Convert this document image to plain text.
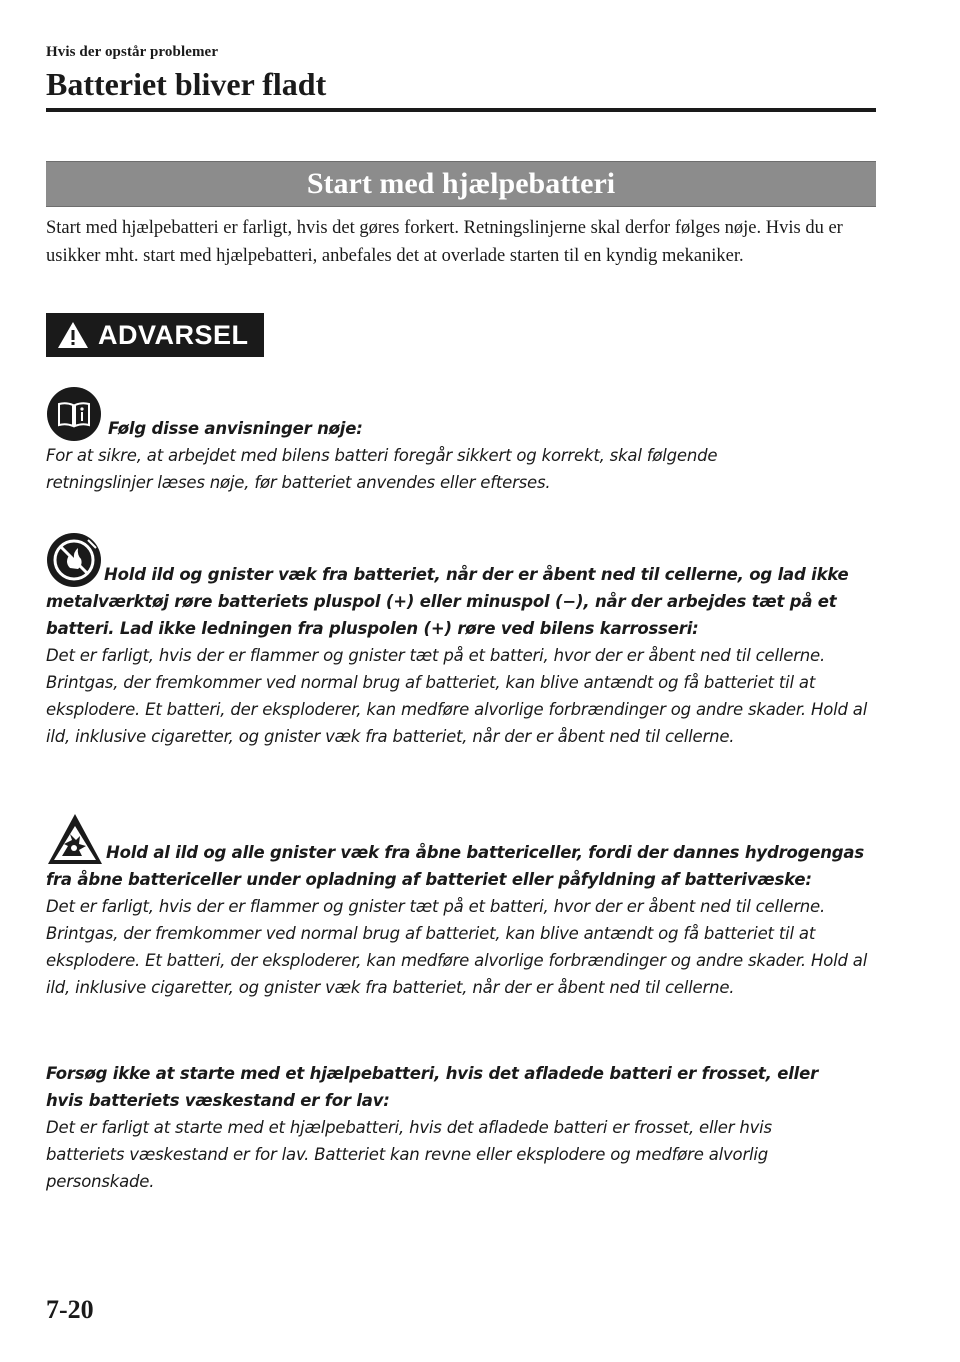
Hvis der opstår problemer
Batteriet bliver fladt
Start med hjælpebatteri

Start med hjælpebatteri er farligt, hvis det gøres forkert. Retningslinjerne skal derfor følges nøje. Hvis du er usikker mht. start med hjælpebatteri, anbefales det at overlade starten til en kyndig mekaniker.

ADVARSEL

Følg disse anvisninger nøje:

For at sikre, at arbejdet med bilens batteri foregår sikkert og korrekt, skal følgende retningslinjer læses nøje, før batteriet anvendes eller efterses.

Hold ild og gnister væk fra batteriet, når der er åbent ned til cellerne, og lad ikke metalværktøj røre batteriets pluspol (+) eller minuspol (−), når der arbejdes tæt på et batteri. Lad ikke ledningen fra pluspolen (+) røre ved bilens karrosseri:

Det er farligt, hvis der er flammer og gnister tæt på et batteri, hvor der er åbent ned til cellerne. Brintgas, der fremkommer ved normal brug af batteriet, kan blive antændt og få batteriet til at eksplodere. Et batteri, der eksploderer, kan medføre alvorlige forbrændinger og andre skader. Hold al ild, inklusive cigaretter, og gnister væk fra batteriet, når der er åbent ned til cellerne.

Hold al ild og alle gnister væk fra åbne battericeller, fordi der dannes hydrogengas fra åbne battericeller under opladning af batteriet eller påfyldning af batterivæske:

Det er farligt, hvis der er flammer og gnister tæt på et batteri, hvor der er åbent ned til cellerne. Brintgas, der fremkommer ved normal brug af batteriet, kan blive antændt og få batteriet til at eksplodere. Et batteri, der eksploderer, kan medføre alvorlige forbrændinger og andre skader. Hold al ild, inklusive cigaretter, og gnister væk fra batteriet, når der er åbent ned til cellerne.

Forsøg ikke at starte med et hjælpebatteri, hvis det afladede batteri er frosset, eller hvis batteriets væskestand er for lav:

Det er farligt at starte med et hjælpebatteri, hvis det afladede batteri er frosset, eller hvis batteriets væskestand er for lav. Batteriet kan revne eller eksplodere og medføre alvorlig personskade.

7-20
